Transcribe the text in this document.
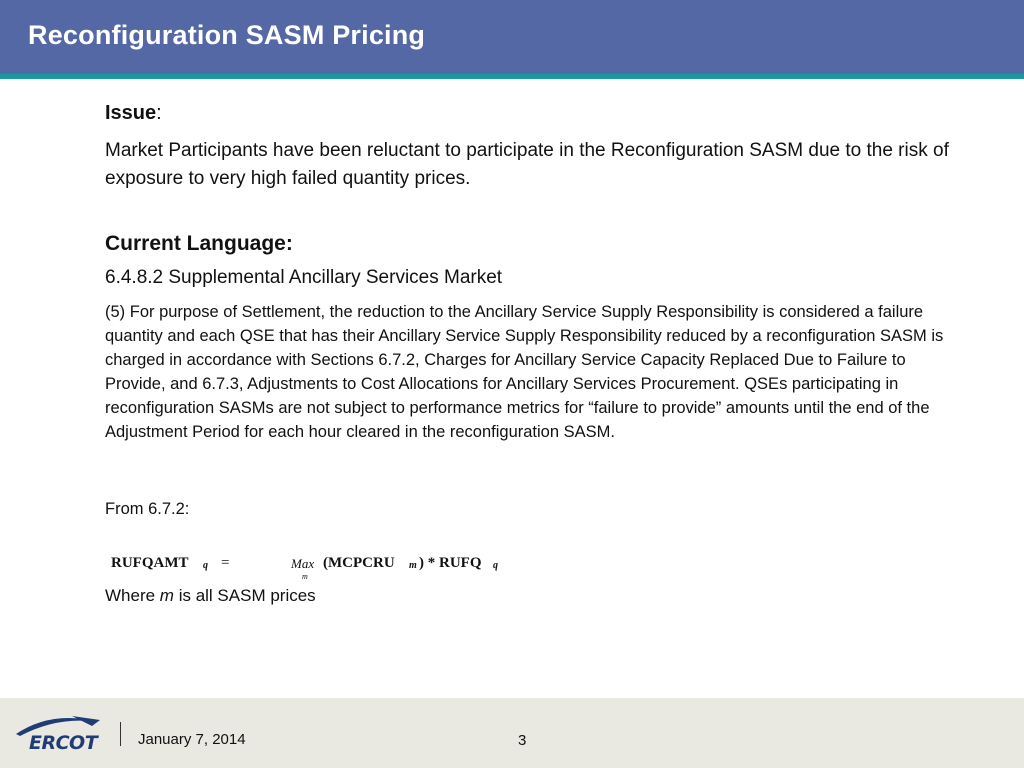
Reconfiguration SASM Pricing

Issue:

Market Participants have been reluctant to participate in the Reconfiguration SASM due to the risk of exposure to very high failed quantity prices.

Current Language:

6.4.8.2 Supplemental Ancillary Services Market

(5) For purpose of Settlement, the reduction to the Ancillary Service Supply Responsibility is considered a failure quantity and each QSE that has their Ancillary Service Supply Responsibility reduced by a reconfiguration SASM is charged in accordance with Sections 6.7.2, Charges for Ancillary Service Capacity Replaced Due to Failure to Provide, and 6.7.3, Adjustments to Cost Allocations for Ancillary Services Procurement. QSEs participating in reconfiguration SASMs are not subject to performance metrics for “failure to provide” amounts until the end of the Adjustment Period for each hour cleared in the reconfiguration SASM.

From 6.7.2:

RUFQAMT q =	Max
m
(MCPCRU m ) * RUFQ q

Where m is all SASM prices

ERCOT	January 7, 2014	3
